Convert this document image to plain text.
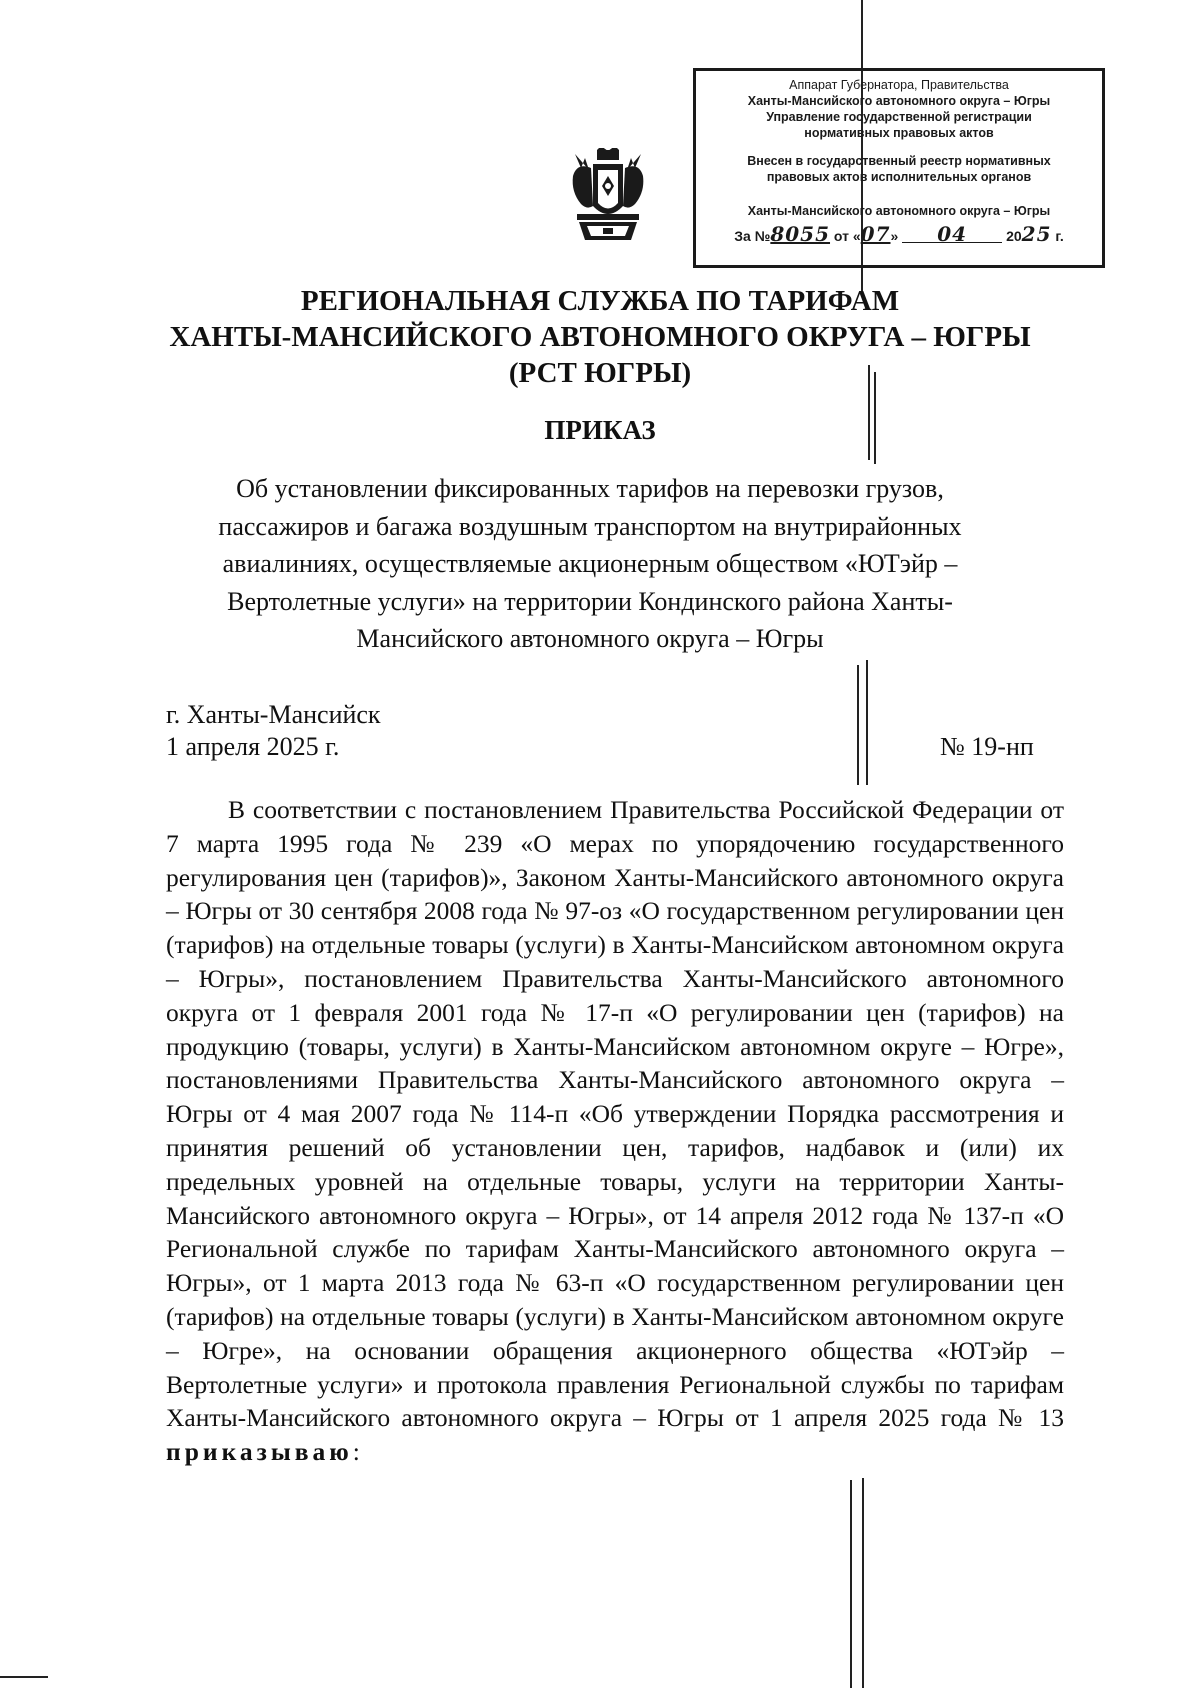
Аппарат Губернатора, Правительства
Ханты-Мансийского автономного округа – Югры
Управление государственной регистрации
нормативных правовых актов
Внесен в государственный реестр нормативных
правовых актов исполнительных органов
Ханты-Мансийского автономного округа – Югры
За №8055 от «07» 04	2025 г.
РЕГИОНАЛЬНАЯ СЛУЖБА ПО ТАРИФАМ
ХАНТЫ-МАНСИЙСКОГО АВТОНОМНОГО ОКРУГА – ЮГРЫ
(РСТ ЮГРЫ)
ПРИКАЗ
Об установлении фиксированных тарифов на перевозки грузов, пассажиров и багажа воздушным транспортом на внутрирайонных авиалиниях, осуществляемые акционерным обществом «ЮТэйр – Вертолетные услуги» на территории Кондинского района Ханты-Мансийского автономного округа – Югры
г. Ханты-Мансийск
1 апреля 2025 г.	№ 19-нп
В соответствии с постановлением Правительства Российской Федерации от 7 марта 1995 года № 239 «О мерах по упорядочению государственного регулирования цен (тарифов)», Законом Ханты-Мансийского автономного округа – Югры от 30 сентября 2008 года № 97-оз «О государственном регулировании цен (тарифов) на отдельные товары (услуги) в Ханты-Мансийском автономном округа – Югры», постановлением Правительства Ханты-Мансийского автономного округа от 1 февраля 2001 года № 17-п «О регулировании цен (тарифов) на продукцию (товары, услуги) в Ханты-Мансийском автономном округе – Югре», постановлениями Правительства Ханты-Мансийского автономного округа – Югры от 4 мая 2007 года № 114-п «Об утверждении Порядка рассмотрения и принятия решений об установлении цен, тарифов, надбавок и (или) их предельных уровней на отдельные товары, услуги на территории Ханты-Мансийского автономного округа – Югры», от 14 апреля 2012 года № 137-п «О Региональной службе по тарифам Ханты-Мансийского автономного округа – Югры», от 1 марта 2013 года № 63-п «О государственном регулировании цен (тарифов) на отдельные товары (услуги) в Ханты-Мансийском автономном округе – Югре», на основании обращения акционерного общества «ЮТэйр – Вертолетные услуги» и протокола правления Региональной службы по тарифам Ханты-Мансийского автономного округа – Югры от 1 апреля 2025 года № 13 приказываю:
